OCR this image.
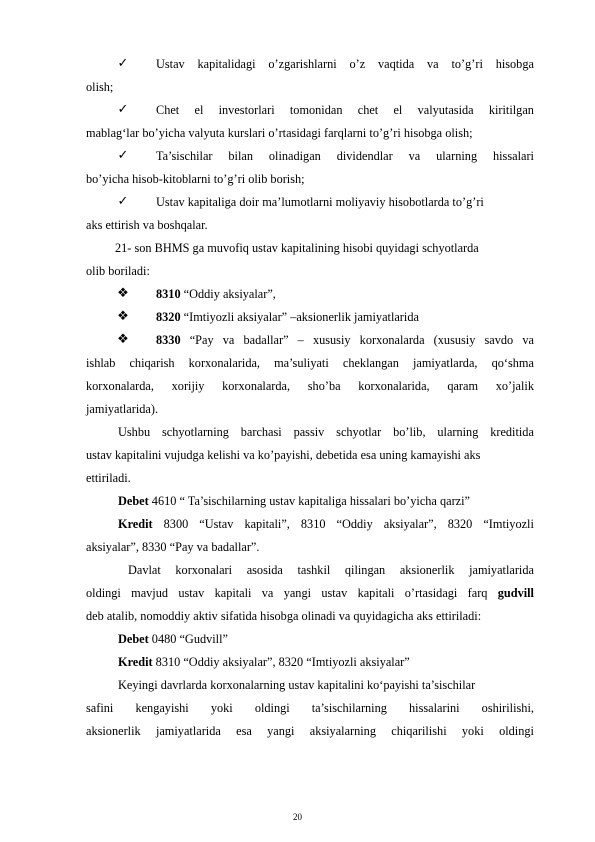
✓ Ustav kapitalidagi o’zgarishlarni o’z vaqtida va to’g’ri hisobga
olish;
✓ Chet el investorlari tomonidan chet el valyutasida kiritilgan
mablag‘lar bo’yicha valyuta kurslari o’rtasidagi farqlarni to’g’ri hisobga olish;
✓ Ta’sischilar bilan olinadigan dividendlar va ularning hissalari
bo’yicha hisob-kitoblarni to’g’ri olib borish;
✓ Ustav kapitaliga doir ma’lumotlarni moliyaviy hisobotlarda to’g’ri
aks ettirish va boshqalar.
21- son BHMS ga muvofiq ustav kapitalining hisobi quyidagi schyotlarda
olib boriladi:
❖ 8310 “Oddiy aksiyalar”,
❖ 8320 “Imtiyozli aksiyalar” –aksionerlik jamiyatlarida
❖ 8330 “Pay va badallar” – xususiy korxonalarda (xususiy savdo va
ishlab chiqarish korxonalarida, ma’suliyati cheklangan jamiyatlarda, qo‘shma
korxonalarda, xorijiy korxonalarda, sho’ba korxonalarida, qaram xo’jalik
jamiyatlarida).
Ushbu schyotlarning barchasi passiv schyotlar bo’lib, ularning kreditida
ustav kapitalini vujudga kelishi va ko’payishi, debetida esa uning kamayishi aks
ettiriladi.
Debet 4610 “ Ta’sischilarning ustav kapitaliga hissalari bo’yicha qarzi”
Kredit 8300 “Ustav kapitali”, 8310 “Oddiy aksiyalar”, 8320 “Imtiyozli
aksiyalar”, 8330 “Pay va badallar”.
Davlat korxonalari asosida tashkil qilingan aksionerlik jamiyatlarida
oldingi mavjud ustav kapitali va yangi ustav kapitali o’rtasidagi farq gudvill
deb atalib, nomoddiy aktiv sifatida hisobga olinadi va quyidagicha aks ettiriladi:
Debet 0480 “Gudvill”
Kredit 8310 “Oddiy aksiyalar”, 8320 “Imtiyozli aksiyalar”
Keyingi davrlarda korxonalarning ustav kapitalini ko‘payishi ta’sischilar
safini kengayishi yoki oldingi ta’sischilarning hissalarini oshirilishi,
aksionerlik jamiyatlarida esa yangi aksiyalarning chiqarilishi yoki oldingi
20
